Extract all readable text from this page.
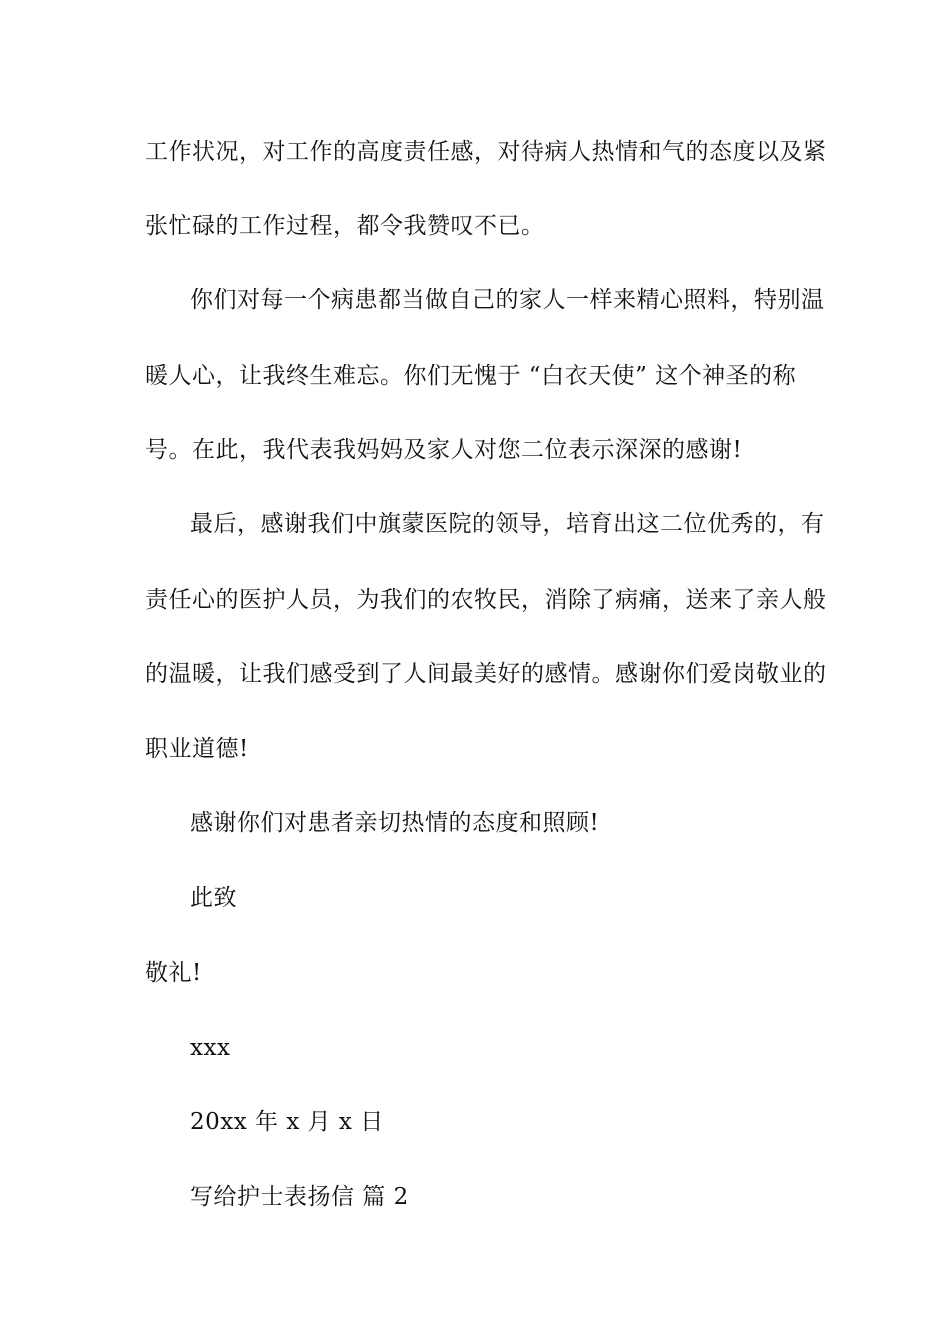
工作状况，对工作的高度责任感，对待病人热情和气的态度以及紧
张忙碌的工作过程，都令我赞叹不已。
你们对每一个病患都当做自己的家人一样来精心照料，特别温
暖人心，让我终生难忘。你们无愧于 “白衣天使” 这个神圣的称
号。在此，我代表我妈妈及家人对您二位表示深深的感谢!
最后，感谢我们中旗蒙医院的领导，培育出这二位优秀的，有
责任心的医护人员，为我们的农牧民，消除了病痛，送来了亲人般
的温暖，让我们感受到了人间最美好的感情。感谢你们爱岗敬业的
职业道德!
感谢你们对患者亲切热情的态度和照顾!
此致
敬礼!
xxx
20xx 年 x 月 x 日
写给护士表扬信 篇 2
